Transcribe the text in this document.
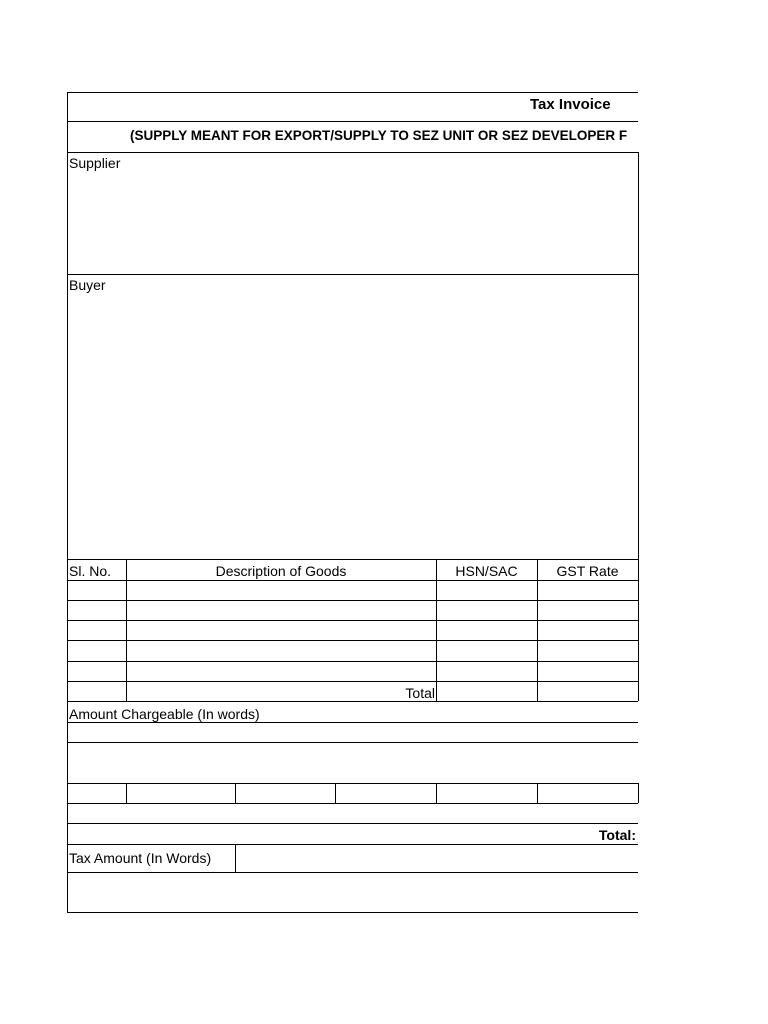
Tax Invoice
(SUPPLY MEANT FOR EXPORT/SUPPLY TO SEZ UNIT OR SEZ DEVELOPER F
Supplier
Buyer
Sl. No.	Description of Goods	HSN/SAC	GST Rate
Total
Amount Chargeable (In words)
Total:
Tax Amount (In Words)
